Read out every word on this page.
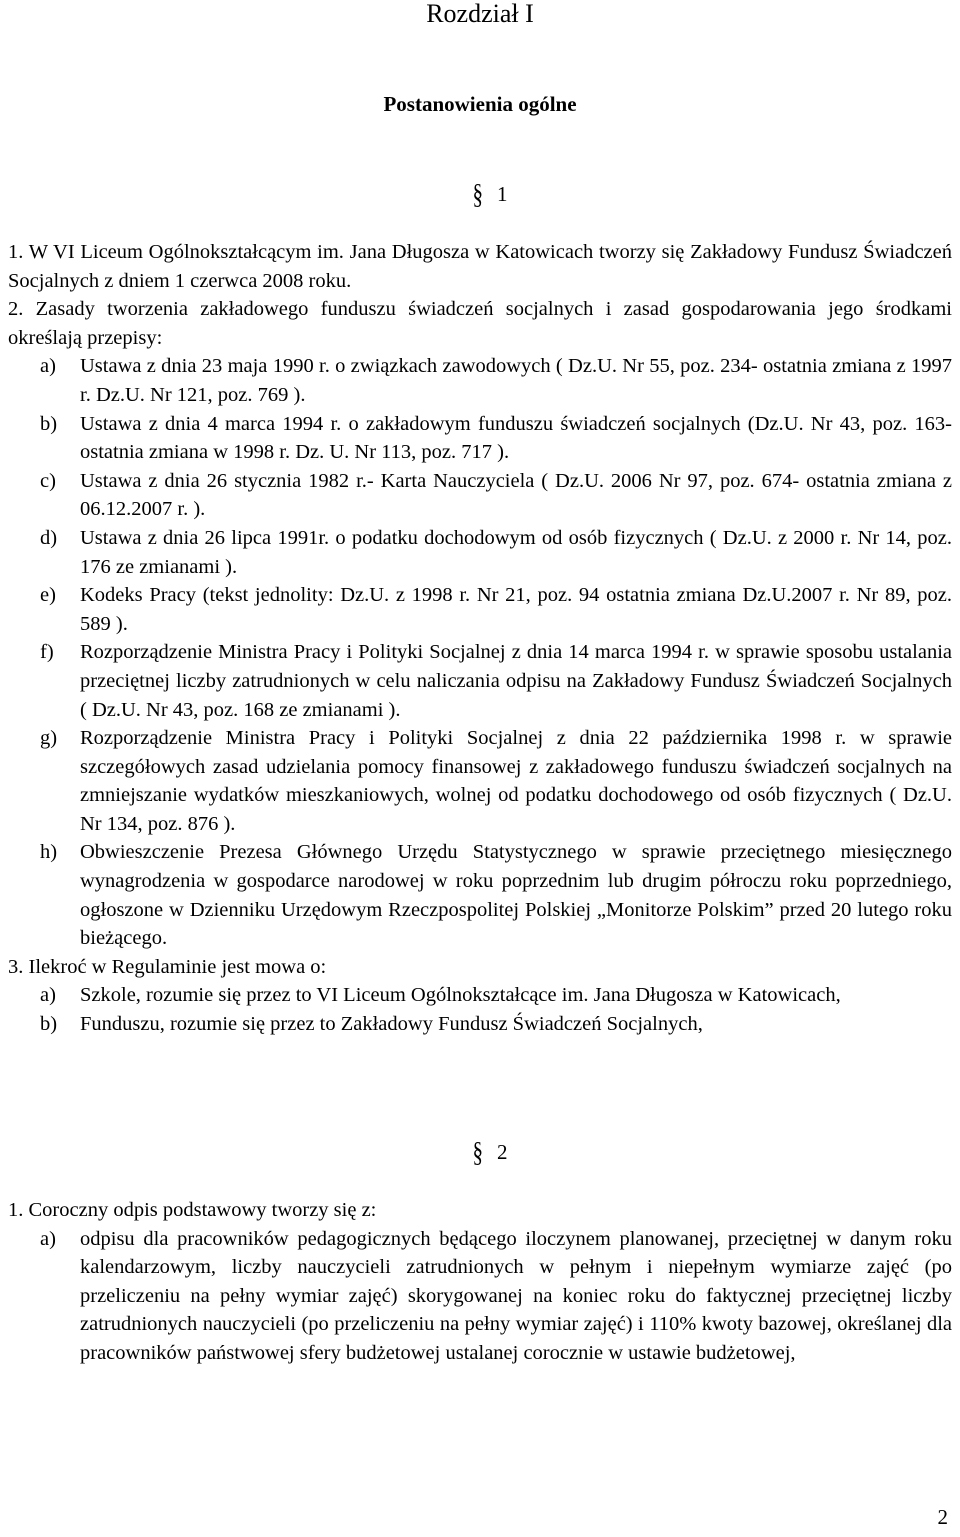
Rozdział I
Postanowienia ogólne
§ 1

1. W VI Liceum Ogólnokształcącym im. Jana Długosza w Katowicach tworzy się Zakładowy Fundusz Świadczeń Socjalnych z dniem 1 czerwca 2008 roku.

2. Zasady tworzenia zakładowego funduszu świadczeń socjalnych i zasad gospodarowania jego środkami określają przepisy:

a) Ustawa z dnia 23 maja 1990 r. o związkach zawodowych ( Dz.U. Nr 55, poz. 234- ostatnia zmiana z 1997 r. Dz.U. Nr 121, poz. 769 ).

b) Ustawa z dnia 4 marca 1994 r. o zakładowym funduszu świadczeń socjalnych (Dz.U. Nr 43, poz. 163-ostatnia zmiana w 1998 r. Dz. U. Nr 113, poz. 717 ).

c) Ustawa z dnia 26 stycznia 1982 r.- Karta Nauczyciela ( Dz.U. 2006 Nr 97, poz. 674- ostatnia zmiana z 06.12.2007 r. ).

d) Ustawa z dnia 26 lipca 1991r. o podatku dochodowym od osób fizycznych ( Dz.U. z 2000 r. Nr 14, poz. 176 ze zmianami ).

e) Kodeks Pracy (tekst jednolity: Dz.U. z 1998 r. Nr 21, poz. 94 ostatnia zmiana Dz.U.2007 r. Nr 89, poz. 589 ).

f) Rozporządzenie Ministra Pracy i Polityki Socjalnej z dnia 14 marca 1994 r. w sprawie sposobu ustalania przeciętnej liczby zatrudnionych w celu naliczania odpisu na Zakładowy Fundusz Świadczeń Socjalnych ( Dz.U. Nr 43, poz. 168 ze zmianami ).

g) Rozporządzenie Ministra Pracy i Polityki Socjalnej z dnia 22 października 1998 r. w sprawie szczegółowych zasad udzielania pomocy finansowej z zakładowego funduszu świadczeń socjalnych na zmniejszanie wydatków mieszkaniowych, wolnej od podatku dochodowego od osób fizycznych ( Dz.U. Nr 134, poz. 876 ).

h) Obwieszczenie Prezesa Głównego Urzędu Statystycznego w sprawie przeciętnego miesięcznego wynagrodzenia w gospodarce narodowej w roku poprzednim lub drugim półroczu roku poprzedniego, ogłoszone w Dzienniku Urzędowym Rzeczpospolitej Polskiej „Monitorze Polskim” przed 20 lutego roku bieżącego.

3. Ilekroć w Regulaminie jest mowa o:

a) Szkole, rozumie się przez to VI Liceum Ogólnokształcące im. Jana Długosza w Katowicach,

b) Funduszu, rozumie się przez to Zakładowy Fundusz Świadczeń Socjalnych,

§ 2

1. Coroczny odpis podstawowy tworzy się z:

a) odpisu dla pracowników pedagogicznych będącego iloczynem planowanej, przeciętnej w danym roku kalendarzowym, liczby nauczycieli zatrudnionych w pełnym i niepełnym wymiarze zajęć (po przeliczeniu na pełny wymiar zajęć) skorygowanej na koniec roku do faktycznej przeciętnej liczby zatrudnionych nauczycieli (po przeliczeniu na pełny wymiar zajęć) i 110% kwoty bazowej, określanej dla pracowników państwowej sfery budżetowej ustalanej corocznie w ustawie budżetowej,

2
